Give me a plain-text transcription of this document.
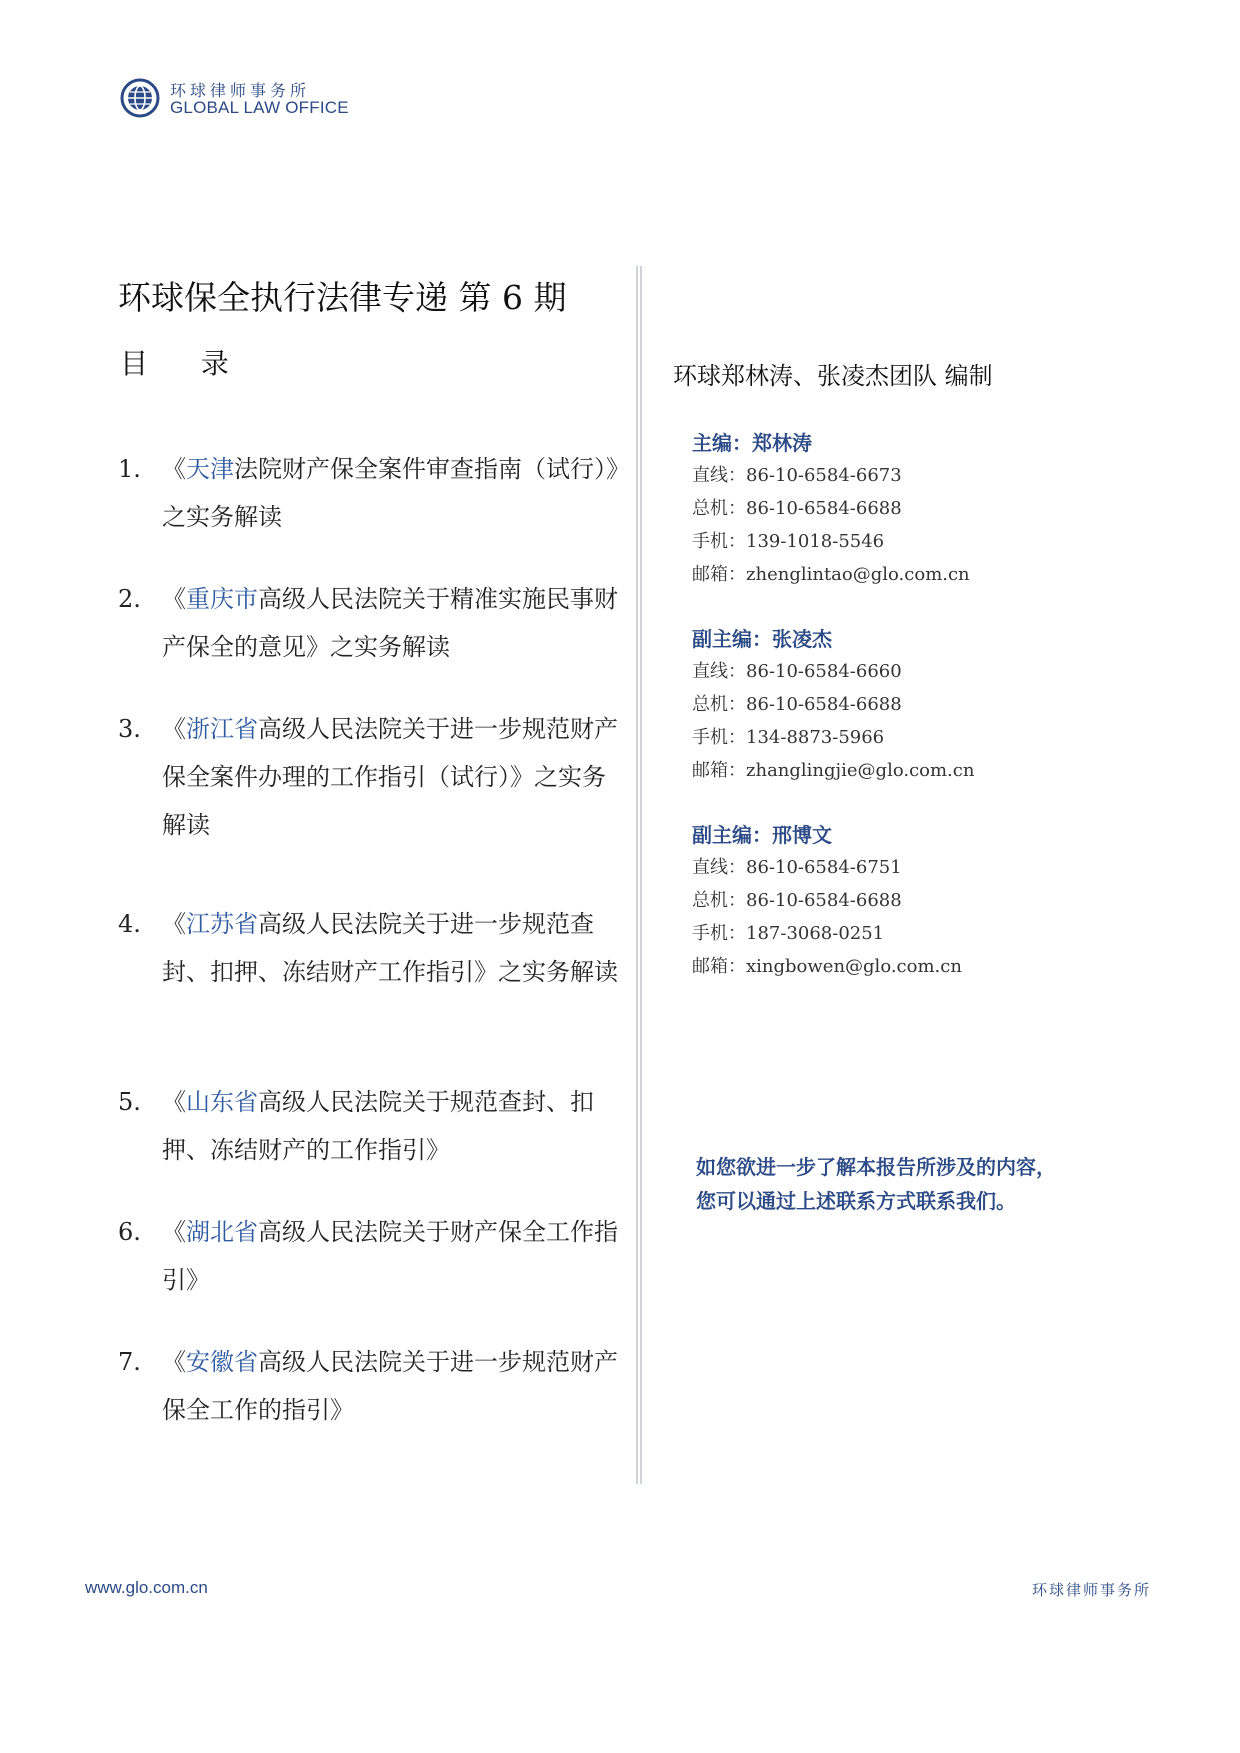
环球律师事务所
GLOBAL LAW OFFICE
环球保全执行法律专递 第 6 期
目 录
1. 《天津法院财产保全案件审查指南（试行）》之实务解读
2. 《重庆市高级人民法院关于精准实施民事财产保全的意见》之实务解读
3. 《浙江省高级人民法院关于进一步规范财产保全案件办理的工作指引（试行）》之实务解读
4. 《江苏省高级人民法院关于进一步规范查封、扣押、冻结财产工作指引》之实务解读
5. 《山东省高级人民法院关于规范查封、扣押、冻结财产的工作指引》
6. 《湖北省高级人民法院关于财产保全工作指引》
7. 《安徽省高级人民法院关于进一步规范财产保全工作的指引》
环球郑林涛、张凌杰团队 编制
主编：郑林涛
直线：86-10-6584-6673
总机：86-10-6584-6688
手机：139-1018-5546
邮箱：zhenglintao@glo.com.cn
副主编：张凌杰
直线：86-10-6584-6660
总机：86-10-6584-6688
手机：134-8873-5966
邮箱：zhanglingjie@glo.com.cn
副主编：邢博文
直线：86-10-6584-6751
总机：86-10-6584-6688
手机：187-3068-0251
邮箱：xingbowen@glo.com.cn
如您欲进一步了解本报告所涉及的内容，
您可以通过上述联系方式联系我们。
www.glo.com.cn	环球律师事务所
